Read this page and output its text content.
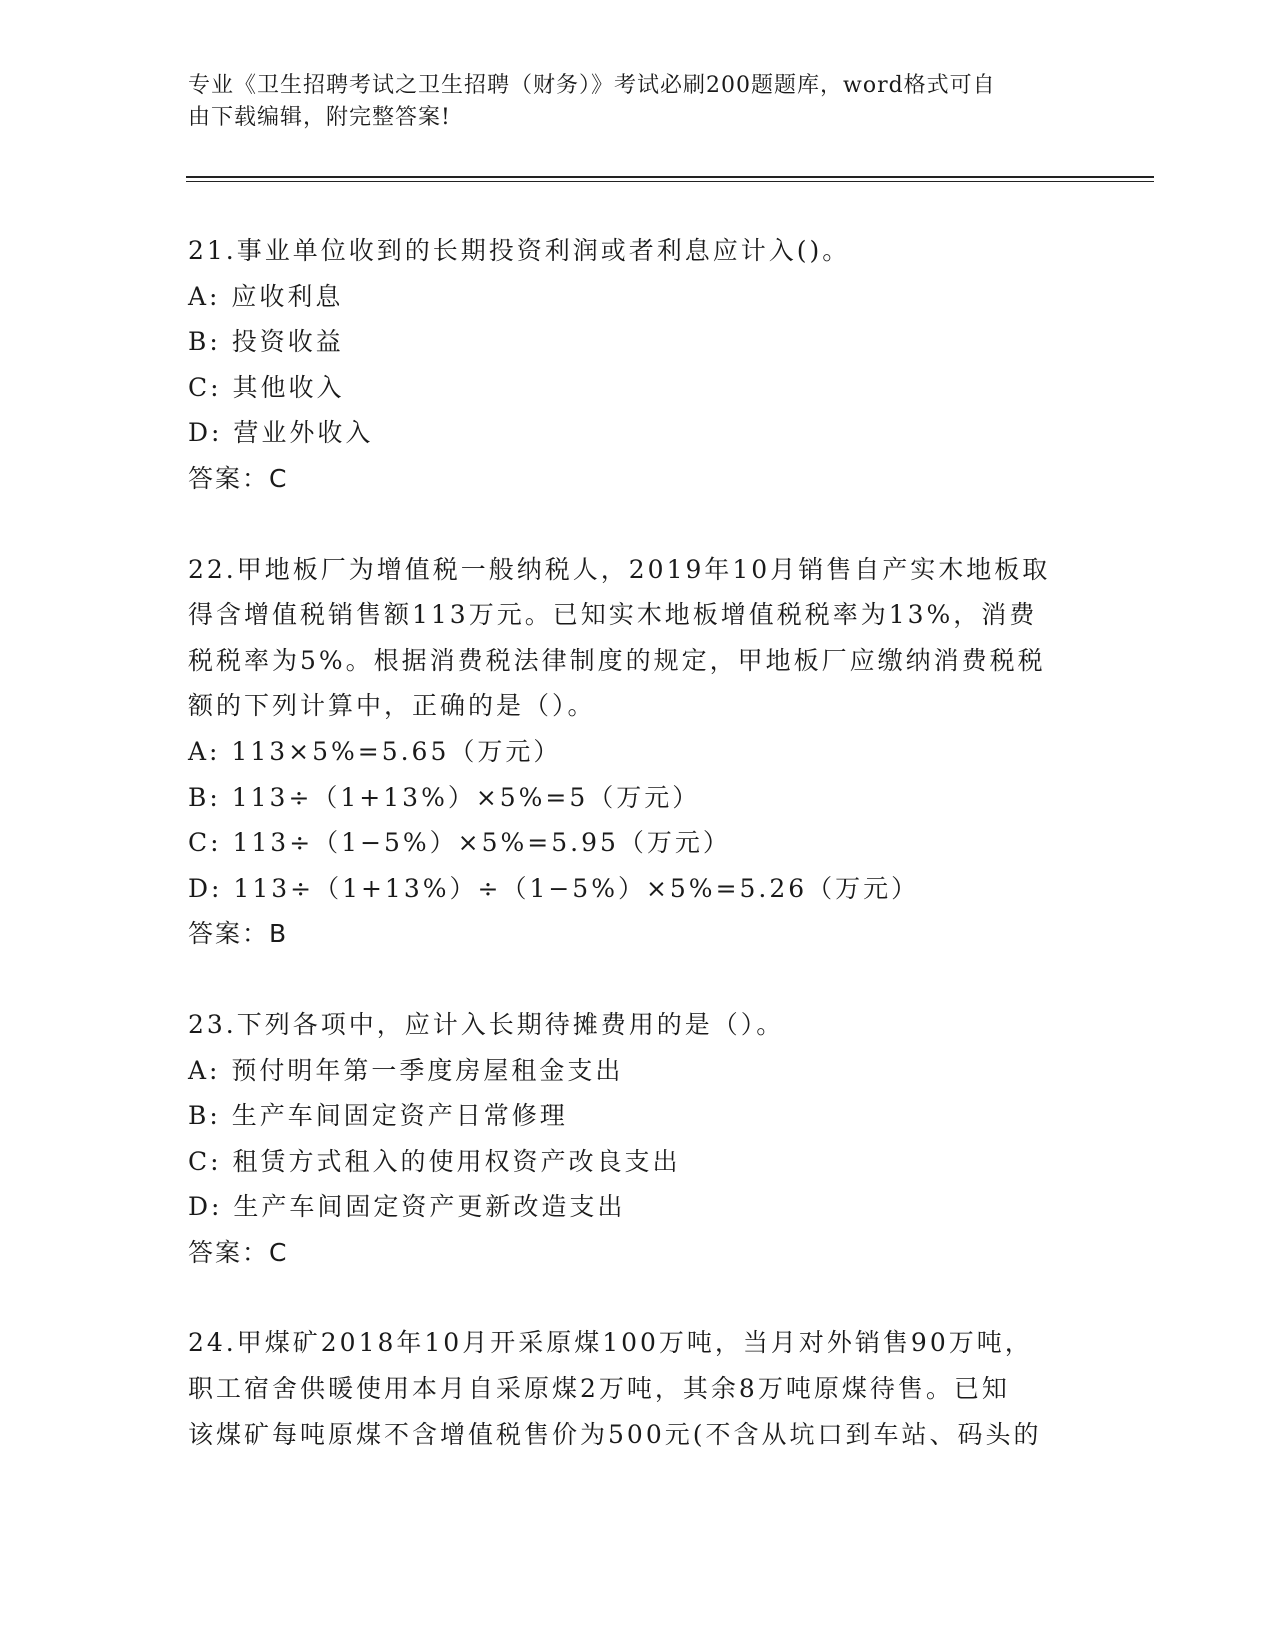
专业《卫生招聘考试之卫生招聘（财务）》考试必刷200题题库，word格式可自
由下载编辑，附完整答案!
21.事业单位收到的长期投资利润或者利息应计入()。
A: 应收利息
B: 投资收益
C: 其他收入
D: 营业外收入
答案：C
22.甲地板厂为增值税一般纳税人，2019年10月销售自产实木地板取
得含增值税销售额113万元。已知实木地板增值税税率为13%，消费
税税率为5%。根据消费税法律制度的规定，甲地板厂应缴纳消费税税
额的下列计算中，正确的是（）。
A: 113×5%=5.65（万元）
B: 113÷（1+13%）×5%=5（万元）
C: 113÷（1−5%）×5%=5.95（万元）
D: 113÷（1+13%）÷（1−5%）×5%=5.26（万元）
答案：B
23.下列各项中，应计入长期待摊费用的是（）。
A: 预付明年第一季度房屋租金支出
B: 生产车间固定资产日常修理
C: 租赁方式租入的使用权资产改良支出
D: 生产车间固定资产更新改造支出
答案：C
24.甲煤矿2018年10月开采原煤100万吨，当月对外销售90万吨，
职工宿舍供暖使用本月自采原煤2万吨，其余8万吨原煤待售。已知
该煤矿每吨原煤不含增值税售价为500元(不含从坑口到车站、码头的
